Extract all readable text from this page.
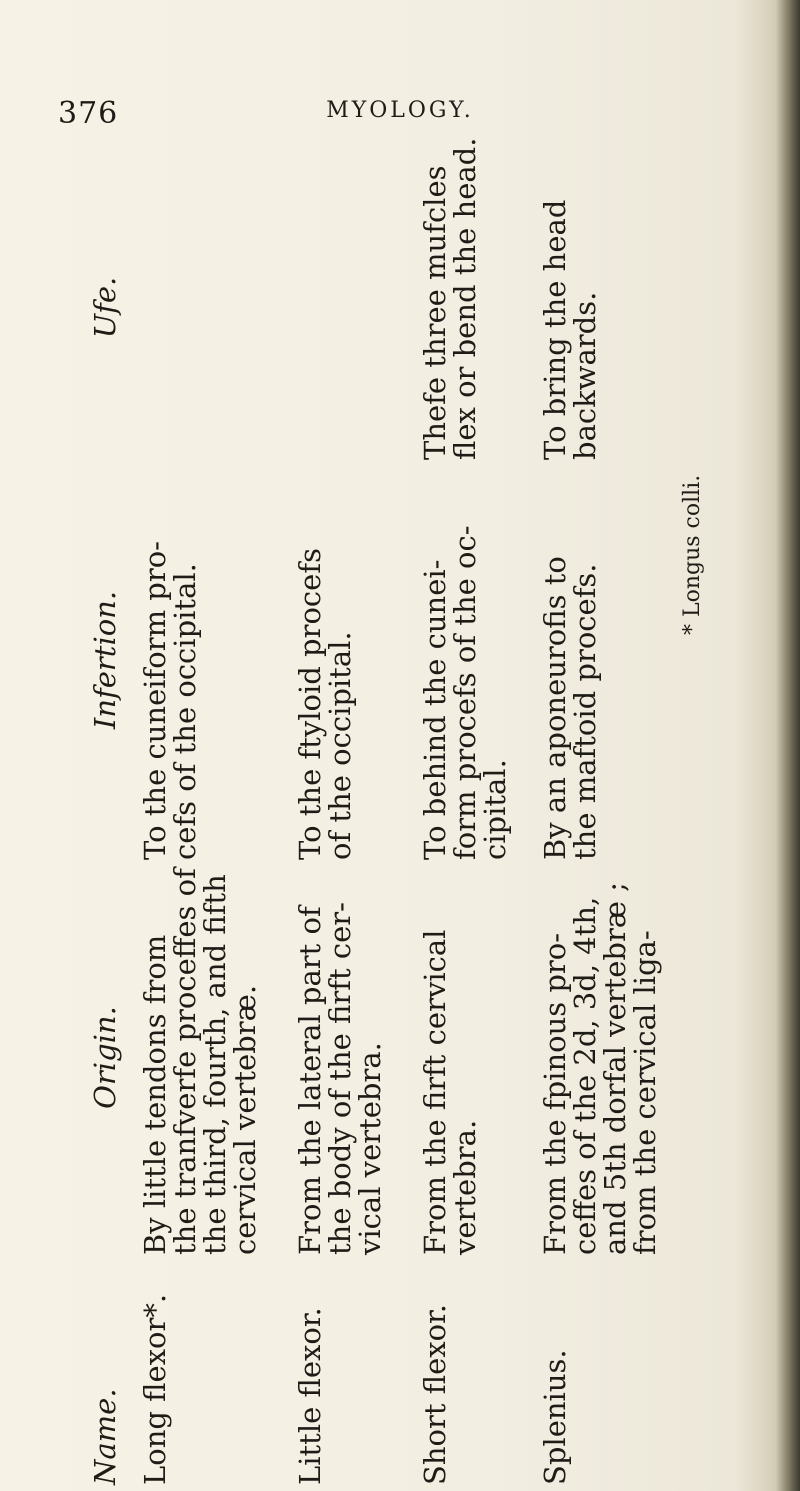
376	MYOLOGY.
Name.
Origin.
Infertion.
Ufe.
Long flexor*.
By little tendons from
the tranfverfe proceffes of
the third, fourth, and fifth
cervical vertebræ.
To the cuneiform pro-
cefs of the occipital.
Little flexor.
From the lateral part of
the body of the firft cer-
vical vertebra.
To the ftyloid procefs
of the occipital.
Short flexor.
From the firft cervical
vertebra.
To behind the cunei-
form procefs of the oc-
cipital.
Thefe three mufcles
flex or bend the head.
Splenius.
From the fpinous pro-
ceffes of the 2d, 3d, 4th,
and 5th dorfal vertebræ ;
from the cervical liga-
By an aponeurofis to
the maftoid procefs.
To bring the head
backwards.
* Longus colli.
